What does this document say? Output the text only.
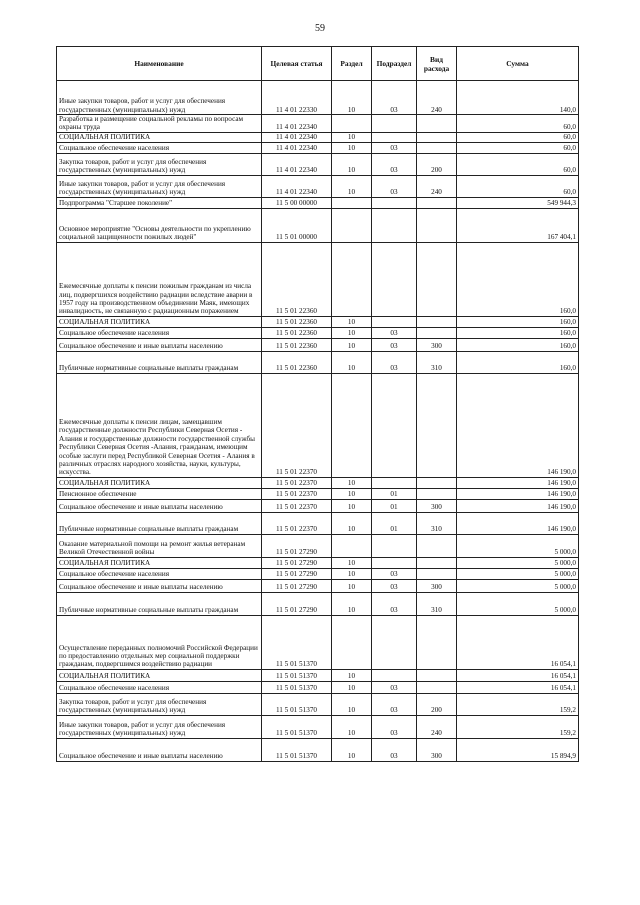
59
Наименование	Целевая статья	Раздел	Подраздел	Вид расхода	Сумма
Иные закупки товаров, работ и услуг для обеспечения государственных (муниципальных) нужд	11 4 01 22330	10	03	240	140,0
Разработка и размещение социальной рекламы по вопросам охраны труда	11 4 01 22340				60,0
СОЦИАЛЬНАЯ ПОЛИТИКА	11 4 01 22340	10			60,0
Социальное обеспечение населения	11 4 01 22340	10	03		60,0
Закупка товаров, работ и услуг для обеспечения государственных (муниципальных) нужд	11 4 01 22340	10	03	200	60,0
Иные закупки товаров, работ и услуг для обеспечения государственных (муниципальных) нужд	11 4 01 22340	10	03	240	60,0
Подпрограмма "Старшее поколение"	11 5 00 00000				549 944,3
Основное мероприятие "Основы деятельности по укреплению социальной защищенности пожилых людей"	11 5 01 00000				167 404,1
Ежемесячные доплаты к пенсии пожилым гражданам из числа лиц, подвергшихся воздействию радиации вследствие аварии в 1957 году на производственном объединении Маяк, имеющих инвалидность, не связанную с радиационным поражением	11 5 01 22360				160,0
СОЦИАЛЬНАЯ ПОЛИТИКА	11 5 01 22360	10			160,0
Социальное обеспечение населения	11 5 01 22360	10	03		160,0
Социальное обеспечение и иные выплаты населению	11 5 01 22360	10	03	300	160,0
Публичные нормативные социальные выплаты гражданам	11 5 01 22360	10	03	310	160,0
Ежемесячные доплаты к пенсии лицам, замещавшим государственные должности Республики Северная Осетия - Алания и государственные должности государственной службы Республики Северная Осетия -Алания, гражданам, имеющим особые заслуги перед Республикой Северная Осетия - Алания в различных отраслях народного хозяйства, науки, культуры, искусства.	11 5 01 22370				146 190,0
СОЦИАЛЬНАЯ ПОЛИТИКА	11 5 01 22370	10			146 190,0
Пенсионное обеспечение	11 5 01 22370	10	01		146 190,0
Социальное обеспечение и иные выплаты населению	11 5 01 22370	10	01	300	146 190,0
Публичные нормативные социальные выплаты гражданам	11 5 01 22370	10	01	310	146 190,0
Оказание материальной помощи на ремонт жилья ветеранам Великой Отечественной войны	11 5 01 27290				5 000,0
СОЦИАЛЬНАЯ ПОЛИТИКА	11 5 01 27290	10			5 000,0
Социальное обеспечение населения	11 5 01 27290	10	03		5 000,0
Социальное обеспечение и иные выплаты населению	11 5 01 27290	10	03	300	5 000,0
Публичные нормативные социальные выплаты гражданам	11 5 01 27290	10	03	310	5 000,0
Осуществление переданных полномочий Российской Федерации по предоставлению отдельных мер социальной поддержки гражданам, подвергшимся воздействию радиации	11 5 01 51370				16 054,1
СОЦИАЛЬНАЯ ПОЛИТИКА	11 5 01 51370	10			16 054,1
Социальное обеспечение населения	11 5 01 51370	10	03		16 054,1
Закупка товаров, работ и услуг для обеспечения государственных (муниципальных) нужд	11 5 01 51370	10	03	200	159,2
Иные закупки товаров, работ и услуг для обеспечения государственных (муниципальных) нужд	11 5 01 51370	10	03	240	159,2
Социальное обеспечение и иные выплаты населению	11 5 01 51370	10	03	300	15 894,9
